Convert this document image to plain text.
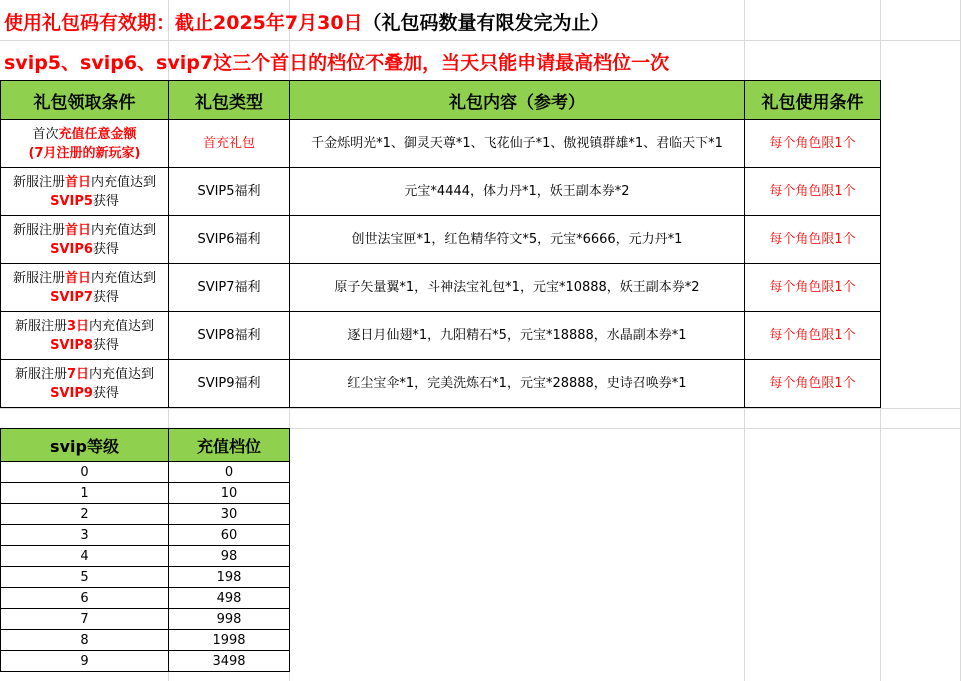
使用礼包码有效期：截止2025年7月30日（礼包码数量有限发完为止）
svip5、svip6、svip7这三个首日的档位不叠加，当天只能申请最高档位一次
礼包领取条件	礼包类型	礼包内容（参考）	礼包使用条件
首次充值任意金额
(7月注册的新玩家)	首充礼包	千金烁明光*1、御灵天尊*1、飞花仙子*1、傲视镇群雄*1、君临天下*1	每个角色限1个
新服注册首日内充值达到SVIP5获得	SVIP5福利	元宝*4444，体力丹*1，妖王副本券*2	每个角色限1个
新服注册首日内充值达到SVIP6获得	SVIP6福利	创世法宝匣*1，红色精华符文*5，元宝*6666，元力丹*1	每个角色限1个
新服注册首日内充值达到SVIP7获得	SVIP7福利	原子矢量翼*1，斗神法宝礼包*1，元宝*10888，妖王副本券*2	每个角色限1个
新服注册3日内充值达到SVIP8获得	SVIP8福利	逐日月仙翅*1，九阳精石*5，元宝*18888，水晶副本券*1	每个角色限1个
新服注册7日内充值达到SVIP9获得	SVIP9福利	红尘宝伞*1，完美洗炼石*1，元宝*28888，史诗召唤券*1	每个角色限1个
svip等级	充值档位
0	0
1	10
2	30
3	60
4	98
5	198
6	498
7	998
8	1998
9	3498
